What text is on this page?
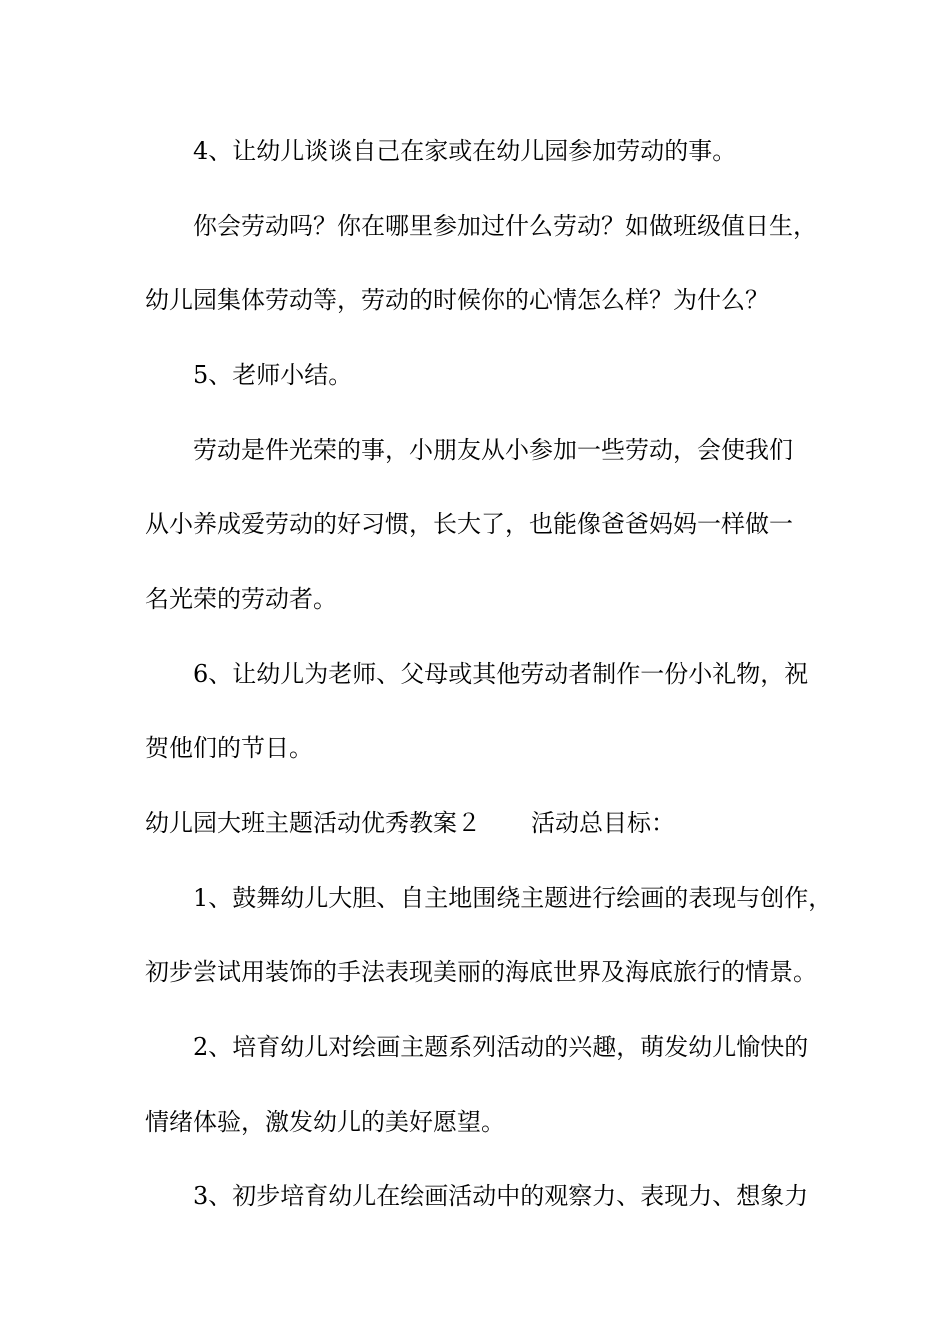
4、让幼儿谈谈自己在家或在幼儿园参加劳动的事。
你会劳动吗？你在哪里参加过什么劳动？如做班级值日生，
幼儿园集体劳动等，劳动的时候你的心情怎么样？为什么？
5、老师小结。
劳动是件光荣的事，小朋友从小参加一些劳动，会使我们
从小养成爱劳动的好习惯，长大了，也能像爸爸妈妈一样做一
名光荣的劳动者。
6、让幼儿为老师、父母或其他劳动者制作一份小礼物，祝
贺他们的节日。
幼儿园大班主题活动优秀教案２ 活动总目标：
1、鼓舞幼儿大胆、自主地围绕主题进行绘画的表现与创作，
初步尝试用装饰的手法表现美丽的海底世界及海底旅行的情景。
2、培育幼儿对绘画主题系列活动的兴趣，萌发幼儿愉快的
情绪体验，激发幼儿的美好愿望。
3、初步培育幼儿在绘画活动中的观察力、表现力、想象力
